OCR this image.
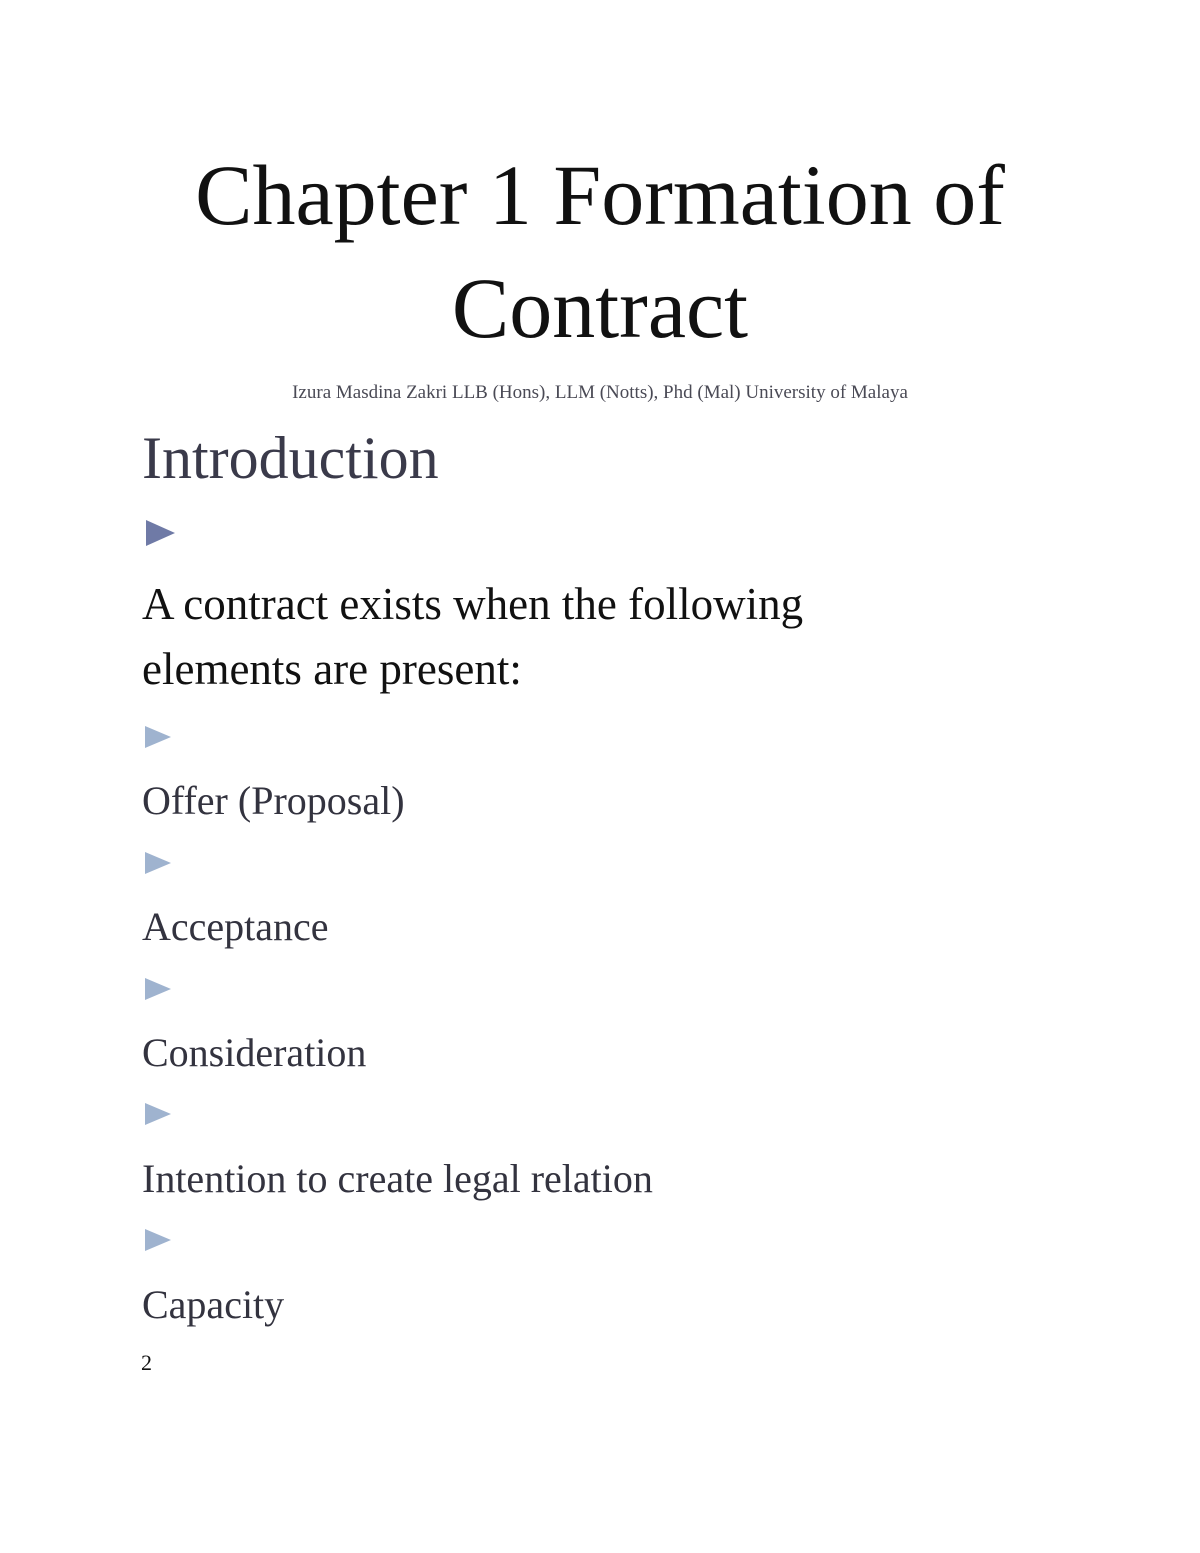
Chapter 1 Formation of
Contract
Izura Masdina Zakri LLB (Hons), LLM (Notts), Phd (Mal) University of Malaya
Introduction
A contract exists when the following
elements are present:
Offer (Proposal)
Acceptance
Consideration
Intention to create legal relation
Capacity
2
